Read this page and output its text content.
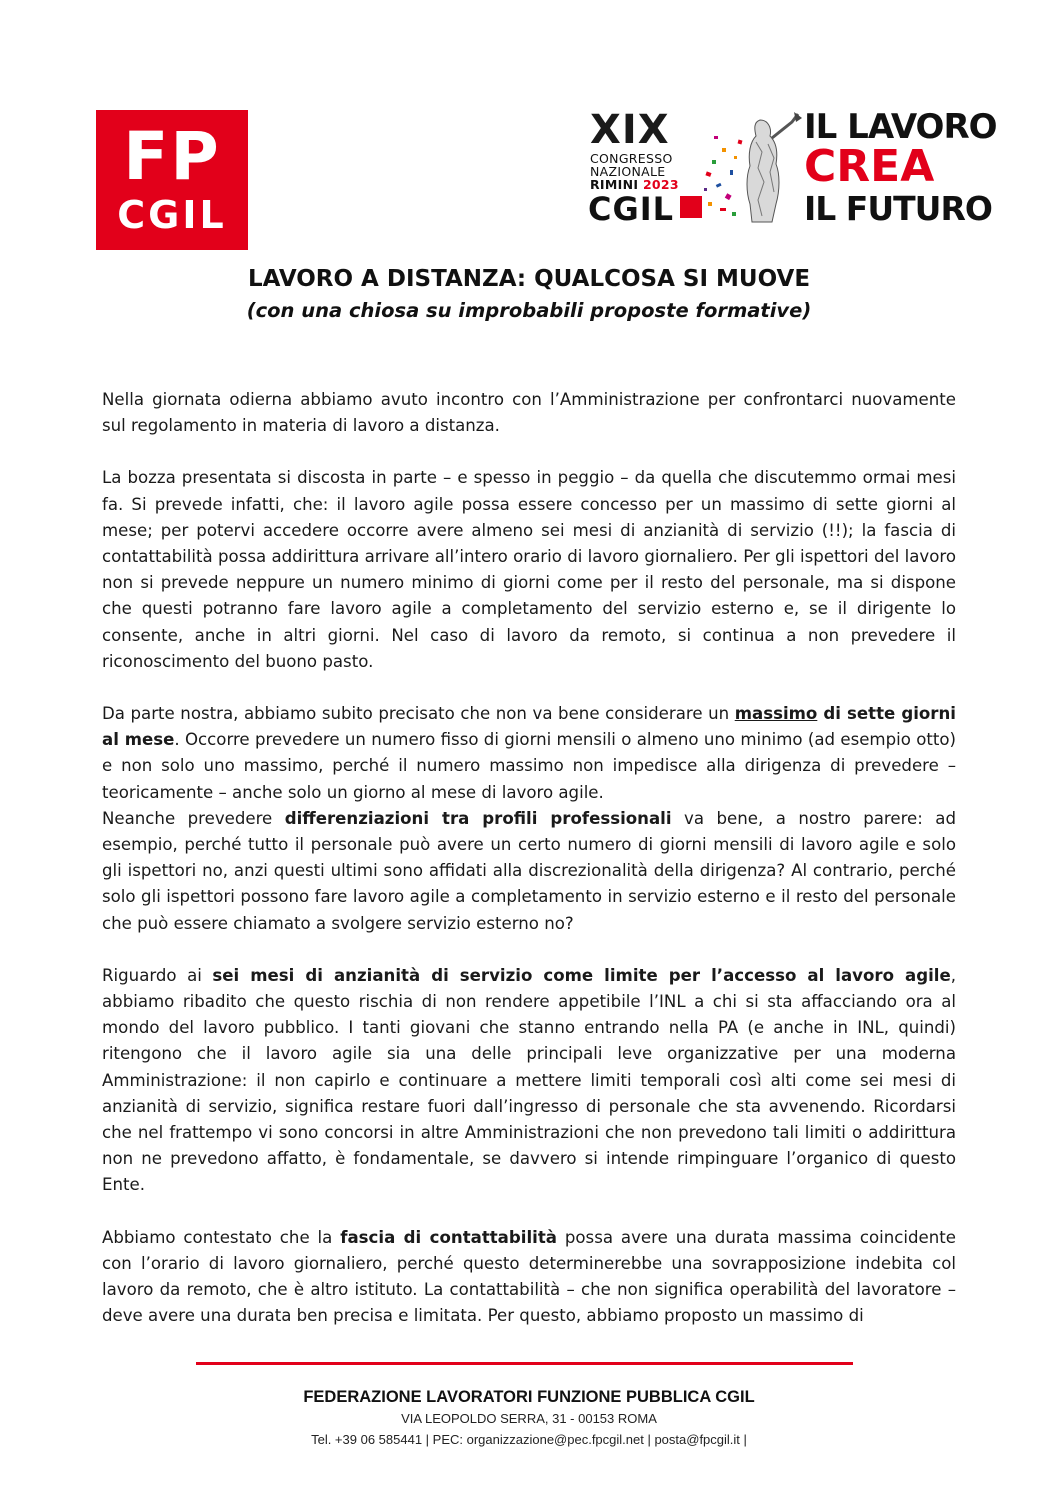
FP
CGIL
XIX
CONGRESSO
NAZIONALE
RIMINI 2023
CGIL
IL LAVORO
CREA
IL FUTURO
LAVORO A DISTANZA: QUALCOSA SI MUOVE
(con una chiosa su improbabili proposte formative)

Nella giornata odierna abbiamo avuto incontro con l’Amministrazione per confrontarci nuovamente sul regolamento in materia di lavoro a distanza.

La bozza presentata si discosta in parte – e spesso in peggio – da quella che discutemmo ormai mesi fa. Si prevede infatti, che: il lavoro agile possa essere concesso per un massimo di sette giorni al mese; per potervi accedere occorre avere almeno sei mesi di anzianità di servizio (!!); la fascia di contattabilità possa addirittura arrivare all’intero orario di lavoro giornaliero. Per gli ispettori del lavoro non si prevede neppure un numero minimo di giorni come per il resto del personale, ma si dispone che questi potranno fare lavoro agile a completamento del servizio esterno e, se il dirigente lo consente, anche in altri giorni. Nel caso di lavoro da remoto, si continua a non prevedere il riconoscimento del buono pasto.

Da parte nostra, abbiamo subito precisato che non va bene considerare un massimo di sette giorni al mese. Occorre prevedere un numero fisso di giorni mensili o almeno uno minimo (ad esempio otto) e non solo uno massimo, perché il numero massimo non impedisce alla dirigenza di prevedere – teoricamente – anche solo un giorno al mese di lavoro agile.

Neanche prevedere differenziazioni tra profili professionali va bene, a nostro parere: ad esempio, perché tutto il personale può avere un certo numero di giorni mensili di lavoro agile e solo gli ispettori no, anzi questi ultimi sono affidati alla discrezionalità della dirigenza? Al contrario, perché solo gli ispettori possono fare lavoro agile a completamento in servizio esterno e il resto del personale che può essere chiamato a svolgere servizio esterno no?

Riguardo ai sei mesi di anzianità di servizio come limite per l’accesso al lavoro agile, abbiamo ribadito che questo rischia di non rendere appetibile l’INL a chi si sta affacciando ora al mondo del lavoro pubblico. I tanti giovani che stanno entrando nella PA (e anche in INL, quindi) ritengono che il lavoro agile sia una delle principali leve organizzative per una moderna Amministrazione: il non capirlo e continuare a mettere limiti temporali così alti come sei mesi di anzianità di servizio, significa restare fuori dall’ingresso di personale che sta avvenendo. Ricordarsi che nel frattempo vi sono concorsi in altre Amministrazioni che non prevedono tali limiti o addirittura non ne prevedono affatto, è fondamentale, se davvero si intende rimpinguare l’organico di questo Ente.

Abbiamo contestato che la fascia di contattabilità possa avere una durata massima coincidente con l’orario di lavoro giornaliero, perché questo determinerebbe una sovrapposizione indebita col lavoro da remoto, che è altro istituto. La contattabilità – che non significa operabilità del lavoratore – deve avere una durata ben precisa e limitata. Per questo, abbiamo proposto un massimo di

FEDERAZIONE LAVORATORI FUNZIONE PUBBLICA CGIL
VIA LEOPOLDO SERRA, 31 - 00153 ROMA
Tel. +39 06 585441 | PEC: organizzazione@pec.fpcgil.net | posta@fpcgil.it |
